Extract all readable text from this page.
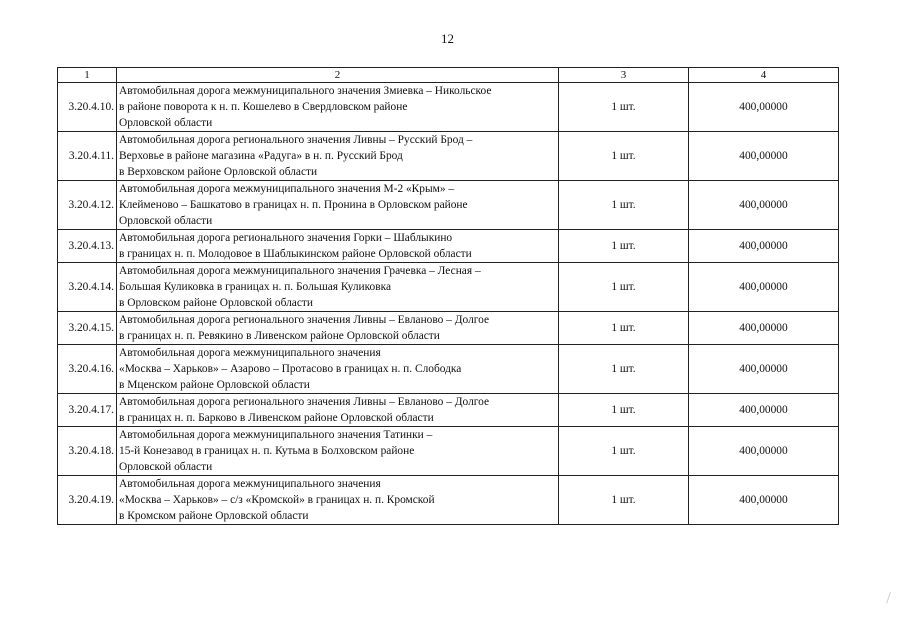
12
1	2	3	4
3.20.4.10.	Автомобильная дорога межмуниципального значения Змиевка – Никольское
в районе поворота к н. п. Кошелево в Свердловском районе
Орловской области	1 шт.	400,00000
3.20.4.11.	Автомобильная дорога регионального значения Ливны – Русский Брод –
Верховье в районе магазина «Радуга» в н. п. Русский Брод
в Верховском районе Орловской области	1 шт.	400,00000
3.20.4.12.	Автомобильная дорога межмуниципального значения М-2 «Крым» –
Клейменово – Башкатово в границах н. п. Пронина в Орловском районе
Орловской области	1 шт.	400,00000
3.20.4.13.	Автомобильная дорога регионального значения Горки – Шаблыкино
в границах н. п. Молодовое в Шаблыкинском районе Орловской области	1 шт.	400,00000
3.20.4.14.	Автомобильная дорога межмуниципального значения Грачевка – Лесная –
Большая Куликовка в границах н. п. Большая Куликовка
в Орловском районе Орловской области	1 шт.	400,00000
3.20.4.15.	Автомобильная дорога регионального значения Ливны – Евланово – Долгое
в границах н. п. Ревякино в Ливенском районе Орловской области	1 шт.	400,00000
3.20.4.16.	Автомобильная дорога межмуниципального значения
«Москва – Харьков» – Азарово – Протасово в границах н. п. Слободка
в Мценском районе Орловской области	1 шт.	400,00000
3.20.4.17.	Автомобильная дорога регионального значения Ливны – Евланово – Долгое
в границах н. п. Барково в Ливенском районе Орловской области	1 шт.	400,00000
3.20.4.18.	Автомобильная дорога межмуниципального значения Татинки –
15-й Конезавод в границах н. п. Кутьма в Болховском районе
Орловской области	1 шт.	400,00000
3.20.4.19.	Автомобильная дорога межмуниципального значения
«Москва – Харьков» – с/з «Кромской» в границах н. п. Кромской
в Кромском районе Орловской области	1 шт.	400,00000
